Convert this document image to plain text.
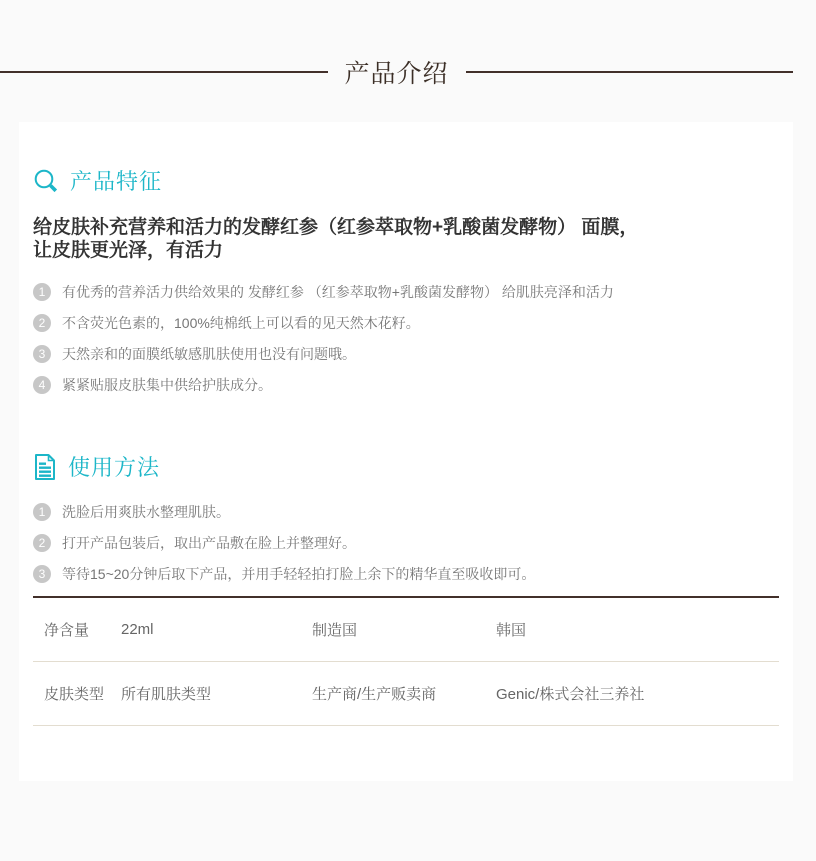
产品介绍
产品特征
给皮肤补充营养和活力的发酵红参（红参萃取物+乳酸菌发酵物） 面膜，
让皮肤更光泽，有活力
1	有优秀的营养活力供给效果的 发酵红参 （红参萃取物+乳酸菌发酵物） 给肌肤亮泽和活力
2	不含荧光色素的，100%纯棉纸上可以看的见天然木花籽。
3	天然亲和的面膜纸敏感肌肤使用也没有问题哦。
4	紧紧贴服皮肤集中供给护肤成分。
使用方法
1	洗脸后用爽肤水整理肌肤。
2	打开产品包装后，取出产品敷在脸上并整理好。
3	等待15~20分钟后取下产品，并用手轻轻拍打脸上余下的精华直至吸收即可。
净含量	22ml	制造国	韩国
皮肤类型	所有肌肤类型	生产商/生产贩卖商	Genic/株式会社三养社
